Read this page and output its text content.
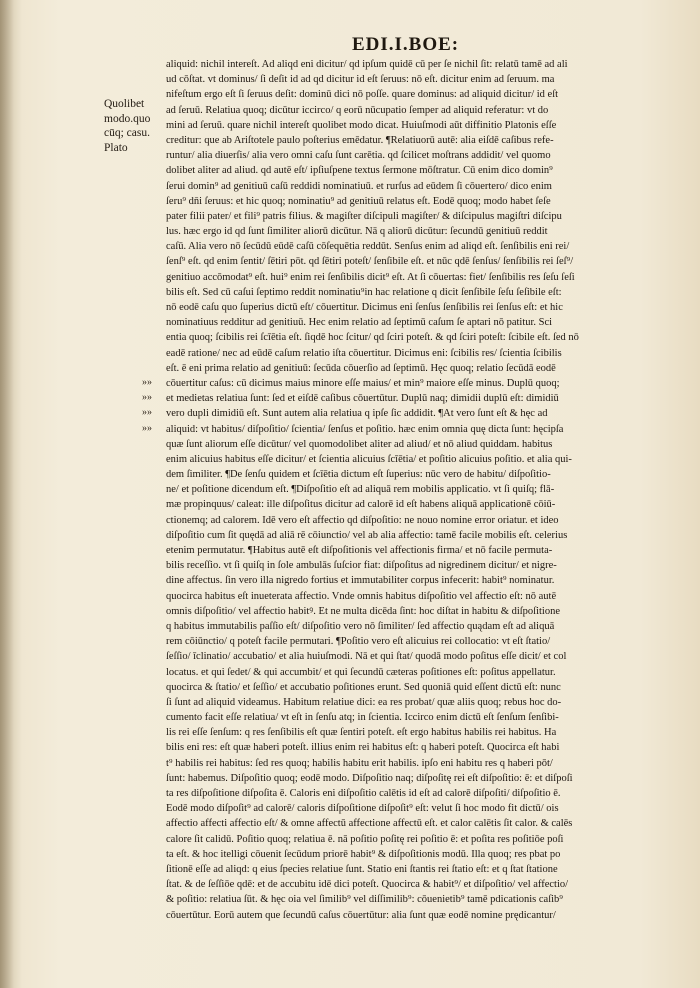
EDI.I.BOE:
Quolibet
modo.quo
cūq; casu.
Plato
»»
»»
»»
»»
aliquid: nichil intereſt. Ad aliqd eni dicitur/ qd ipſum quidē cū per ſe nichil ſit: relatū tamē ad ali
ud cōſtat. vt dominus/ ſi deſit id ad qd dicitur id eſt ſeruus: nō eſt. dicitur enim ad ſeruum. ma
nifeſtum ergo eſt ſi ſeruus deſit: dominū dici nō poſſe. quare dominus: ad aliquid dicitur/ id eſt
ad ſeruū. Relatiua quoq; dicūtur iccirco/ q eorū nūcupatio ſemper ad aliquid referatur: vt do
mini ad ſeruū. quare nichil intereſt quolibet modo dicat. Huiuſmodi aūt diffinitio Platonis eſſe
creditur: que ab Ariſtotele paulo poſterius emēdatur. ¶Relatiuorū autē: alia eiſdē caſibus refe-
runtur/ alia diuerſis/ alia vero omni caſu ſunt carētia. qd ſcilicet moſtrans addidit/ vel quomo
dolibet aliter ad aliud. qd autē eſt/ ipſiuſpene textus ſermone mōſtratur. Cū enim dico domin⁹
ſerui domin⁹ ad genitiuū caſū reddidi nominatiuū. et rurſus ad eūdem ſi cōuertero/ dico enim
ſeru⁹ dn̄i ſeruus: et hic quoq; nominatiu⁹ ad genitiuū relatus eſt. Eodē quoq; modo habet ſeſe
pater filii pater/ et fili⁹ patris filius. & magiſter diſcipuli magiſter/ & diſcipulus magiſtri diſcipu
lus. hæc ergo id qd ſunt ſimiliter aliorū dicūtur. Nā q aliorū dicūtur: ſecundū genitiuū reddit
caſū. Alia vero nō ſecūdū eūdē caſū cōſequētia reddūt. Senſus enim ad aliqd eſt. ſenſibilis eni rei/
ſenſ⁹ eſt. qd enim ſentit/ ſētiri pōt. qd ſētiri poteſt/ ſenſibile eſt. et nūc qdē ſenſus/ ſenſibilis rei ſeſ⁹/
genitiuo accōmodat⁹ eſt. hui⁹ enim rei ſenſibilis dicit⁹ eſt. At ſi cōuertas: fiet/ ſenſibilis res ſeſu ſeſi
bilis eſt. Sed cū caſui ſeptimo reddit nominatiu⁹in hac relatione q dicit ſenſibile ſeſu ſeſibile eſt:
nō eodē caſu quo ſuperius dictū eſt/ cōuertitur. Dicimus eni ſenſus ſenſibilis rei ſenſus eſt: et hic
nominatiuus redditur ad genitiuū. Hec enim relatio ad ſeptimū caſum ſe aptari nō patitur. Sci
entia quoq; ſcibilis rei ſcīētia eſt. ſiqdē hoc ſcitur/ qd ſciri poteſt. & qd ſciri poteſt: ſcibile eſt. ſed nō
eadē ratione/ nec ad eūdē caſum relatio iſta cōuertitur. Dicimus eni: ſcibilis res/ ſcientia ſcibilis
eſt. ē eni prima relatio ad genitiuū: ſecūda cōuerſio ad ſeptimū. Hęc quoq; relatio ſecūdā eodē
cōuertitur caſus: cū dicimus maius minore eſſe maius/ et min⁹ maiore eſſe minus. Duplū quoq;
et medietas relatiua ſunt: ſed et eiſdē caſibus cōuertūtur. Duplū naq; dimidii duplū eſt: dimidiū
vero dupli dimidiū eſt. Sunt autem alia relatiua q ipſe ſic addidit. ¶At vero ſunt eſt & hęc ad
aliquid: vt habitus/ diſpoſitio/ ſcientia/ ſenſus et poſitio. hæc enim omnia quę dicta ſunt: hęcipſa
quæ ſunt aliorum eſſe dicūtur/ vel quomodolibet aliter ad aliud/ et nō aliud quiddam. habitus
enim alicuius habitus eſſe dicitur/ et ſcientia alicuius ſcīētia/ et poſitio alicuius poſitio. et alia qui-
dem ſimiliter. ¶De ſenſu quidem et ſcīētia dictum eſt ſuperius: nūc vero de habitu/ diſpoſitio-
ne/ et poſitione dicendum eſt. ¶Diſpoſitio eſt ad aliquā rem mobilis applicatio. vt ſi quiſq; flā-
mæ propinquus/ caleat: ille diſpoſitus dicitur ad calorē id eſt habens aliquā applicationē cōiū-
ctionemq; ad calorem. Idē vero eſt affectio qd diſpoſitio: ne nouo nomine error oriatur. et ideo
diſpoſitio cum ſit quędā ad aliā rē cōiunctio/ vel ab alia affectio: tamē facile mobilis eſt. celerius
etenim permutatur. ¶Habitus autē eſt diſpoſitionis vel affectionis firma/ et nō facile permuta-
bilis receſſio. vt ſi quiſq in ſole ambulās ſuſcior fiat: diſpoſitus ad nigredinem dicitur/ et nigre-
dine affectus. ſin vero illa nigredo fortius et immutabiliter corpus infecerit: habit⁹ nominatur.
quocirca habitus eſt inueterata affectio. Vnde omnis habitus diſpoſitio vel affectio eſt: nō autē
omnis diſpoſitio/ vel affectio habitꝰ. Et ne multa dicēda ſint: hoc diſtat in habitu & diſpoſitione
q habitus immutabilis paſſio eſt/ diſpoſitio vero nō ſimiliter/ ſed affectio quądam eſt ad aliquā
rem cōiūnctio/ q poteſt facile permutari. ¶Poſitio vero eſt alicuius rei collocatio: vt eſt ſtatio/
ſeſſio/ īclinatio/ accubatio/ et alia huiuſmodi. Nā et qui ſtat/ quodā modo poſitus eſſe dicit/ et col
locatus. et qui ſedet/ & qui accumbit/ et qui ſecundū cæteras poſitiones eſt: poſitus appellatur.
quocirca & ſtatio/ et ſeſſio/ et accubatio poſitiones erunt. Sed quoniā quid eſſent dictū eſt: nunc
ſi ſunt ad aliquid videamus. Habitum relatiue dici: ea res probat/ quæ aliis quoq; rebus hoc do-
cumento facit eſſe relatiua/ vt eſt in ſenſu atq; in ſcientia. Iccirco enim dictū eſt ſenſum ſenſibi-
lis rei eſſe ſenſum: q res ſenſibilis eſt quæ ſentiri poteſt. eſt ergo habitus habilis rei habitus. Ha
bilis eni res: eſt quæ haberi poteſt. illius enim rei habitus eſt: q haberi poteſt. Quocirca eſt habi
t⁹ habilis rei habitus: ſed res quoq; habilis habitu erit habilis. ipſo eni habitu res q haberi pōt/
ſunt: habemus. Diſpoſitio quoq; eodē modo. Diſpoſitio naq; diſpoſitę rei eſt diſpoſitio: ē: et diſpoſi
ta res diſpoſitione diſpoſita ē. Caloris eni diſpoſitio calētis id eſt ad calorē diſpoſiti/ diſpoſitio ē.
Eodē modo diſpoſit⁹ ad calorē/ caloris diſpoſitione diſpoſit⁹ eſt: velut ſi hoc modo fit dictū/ ois
affectio affecti affectio eſt/ & omne affectū affectione affectū eſt. et calor calētis ſit calor. & calēs
calore ſit calidū. Poſitio quoq; relatiua ē. nā poſitio poſitę rei poſitio ē: et poſita res poſitiōe poſi
ta eſt. & hoc itelligi cōuenit ſecūdum priorē habit⁹ & diſpoſitionis modū. Illa quoq; res pbat po
ſitionē eſſe ad aliqd: q eius ſpecies relatiue ſunt. Statio eni ſtantis rei ſtatio eſt: et q ſtat ſtatione
ſtat. & de ſeſſiōe qdē: et de accubitu idē dici poteſt. Quocirca & habit⁹/ et diſpoſitio/ vel affectio/
& poſitio: relatiua ſūt. & hęc oia vel ſimilib⁹ vel diſſimilib⁹: cōuenietib⁹ tamē pdicationis caſib⁹
cōuertūtur. Eorū autem que ſecundū caſus cōuertūtur: alia ſunt quæ eodē nomine prędicantur/
